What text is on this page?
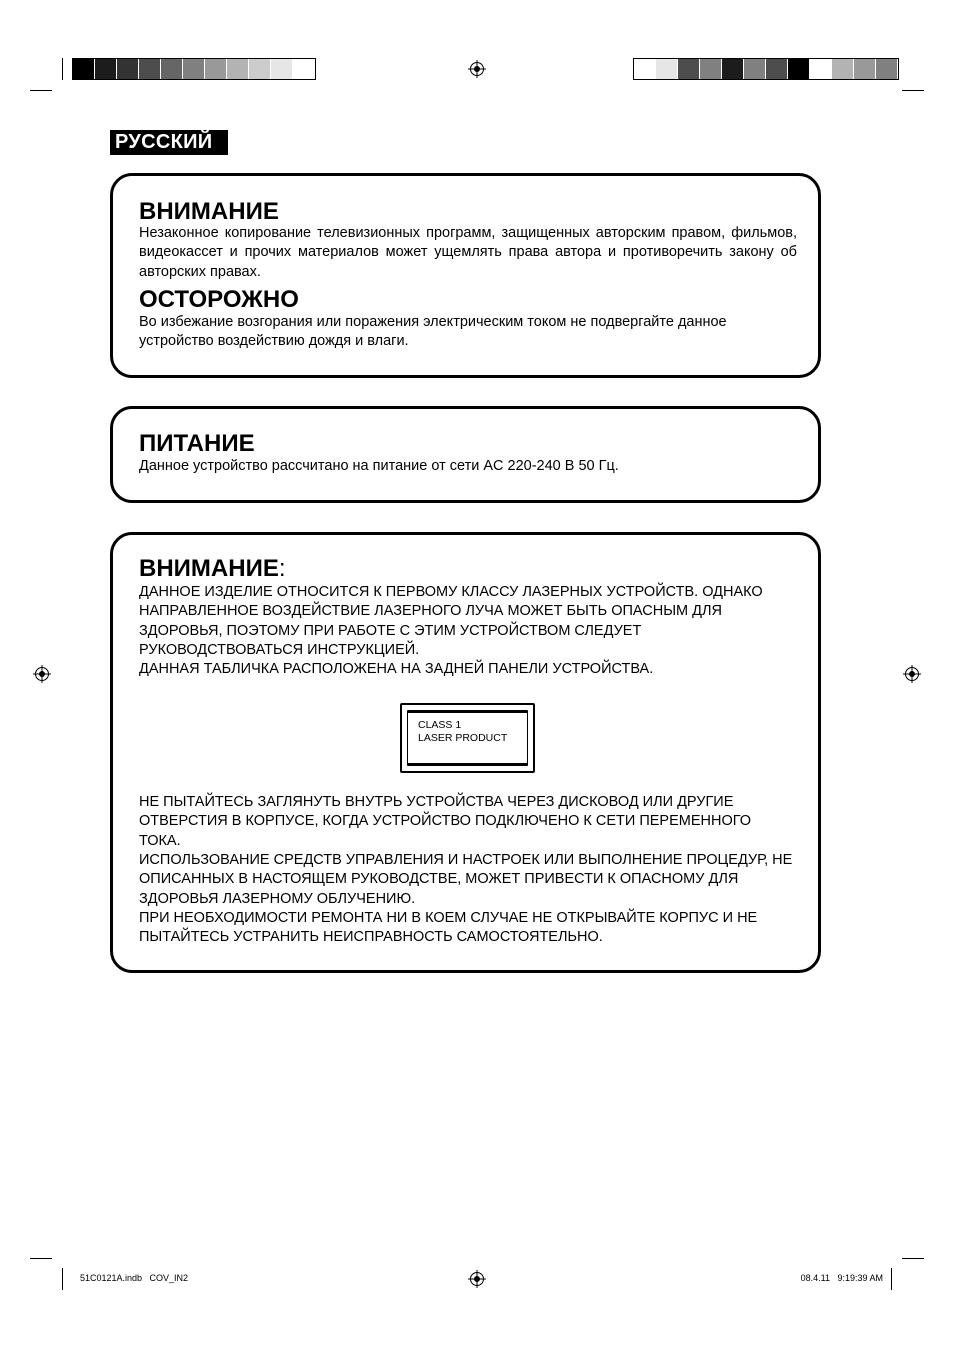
РУССКИЙ
ВНИМАНИЕ

Незаконное копирование телевизионных программ, защищенных авторским правом, фильмов, видеокассет и прочих материалов может ущемлять права автора и противоречить закону об авторских правах.

ОСТОРОЖНО

Во избежание возгорания или поражения электрическим током не подвергайте данное устройство воздействию дождя и влаги.

ПИТАНИЕ

Данное устройство рассчитано на питание от сети AC 220-240 В 50 Гц.

ВНИМАНИЕ:

ДАННОЕ ИЗДЕЛИЕ ОТНОСИТСЯ К ПЕРВОМУ КЛАССУ ЛАЗЕРНЫХ УСТРОЙСТВ. ОДНАКО НАПРАВЛЕННОЕ ВОЗДЕЙСТВИЕ ЛАЗЕРНОГО ЛУЧА МОЖЕТ БЫТЬ ОПАСНЫМ ДЛЯ ЗДОРОВЬЯ, ПОЭТОМУ ПРИ РАБОТЕ С ЭТИМ УСТРОЙСТВОМ СЛЕДУЕТ РУКОВОДСТВОВАТЬСЯ ИНСТРУКЦИЕЙ.

ДАННАЯ ТАБЛИЧКА РАСПОЛОЖЕНА НА ЗАДНЕЙ ПАНЕЛИ УСТРОЙСТВА.

CLASS 1
LASER PRODUCT

НЕ ПЫТАЙТЕСЬ ЗАГЛЯНУТЬ ВНУТРЬ УСТРОЙСТВА ЧЕРЕЗ ДИСКОВОД ИЛИ ДРУГИЕ ОТВЕРСТИЯ В КОРПУСЕ, КОГДА УСТРОЙСТВО ПОДКЛЮЧЕНО К СЕТИ ПЕРЕМЕННОГО ТОКА.

ИСПОЛЬЗОВАНИЕ СРЕДСТВ УПРАВЛЕНИЯ И НАСТРОЕК ИЛИ ВЫПОЛНЕНИЕ ПРОЦЕДУР, НЕ ОПИСАННЫХ В НАСТОЯЩЕМ РУКОВОДСТВЕ, МОЖЕТ ПРИВЕСТИ К ОПАСНОМУ ДЛЯ ЗДОРОВЬЯ ЛАЗЕРНОМУ ОБЛУЧЕНИЮ.

ПРИ НЕОБХОДИМОСТИ РЕМОНТА НИ В КОЕМ СЛУЧАЕ НЕ ОТКРЫВАЙТЕ КОРПУС И НЕ ПЫТАЙТЕСЬ УСТРАНИТЬ НЕИСПРАВНОСТЬ САМОСТОЯТЕЛЬНО.

51C0121A.indb   COV_IN2	08.4.11   9:19:39 AM
